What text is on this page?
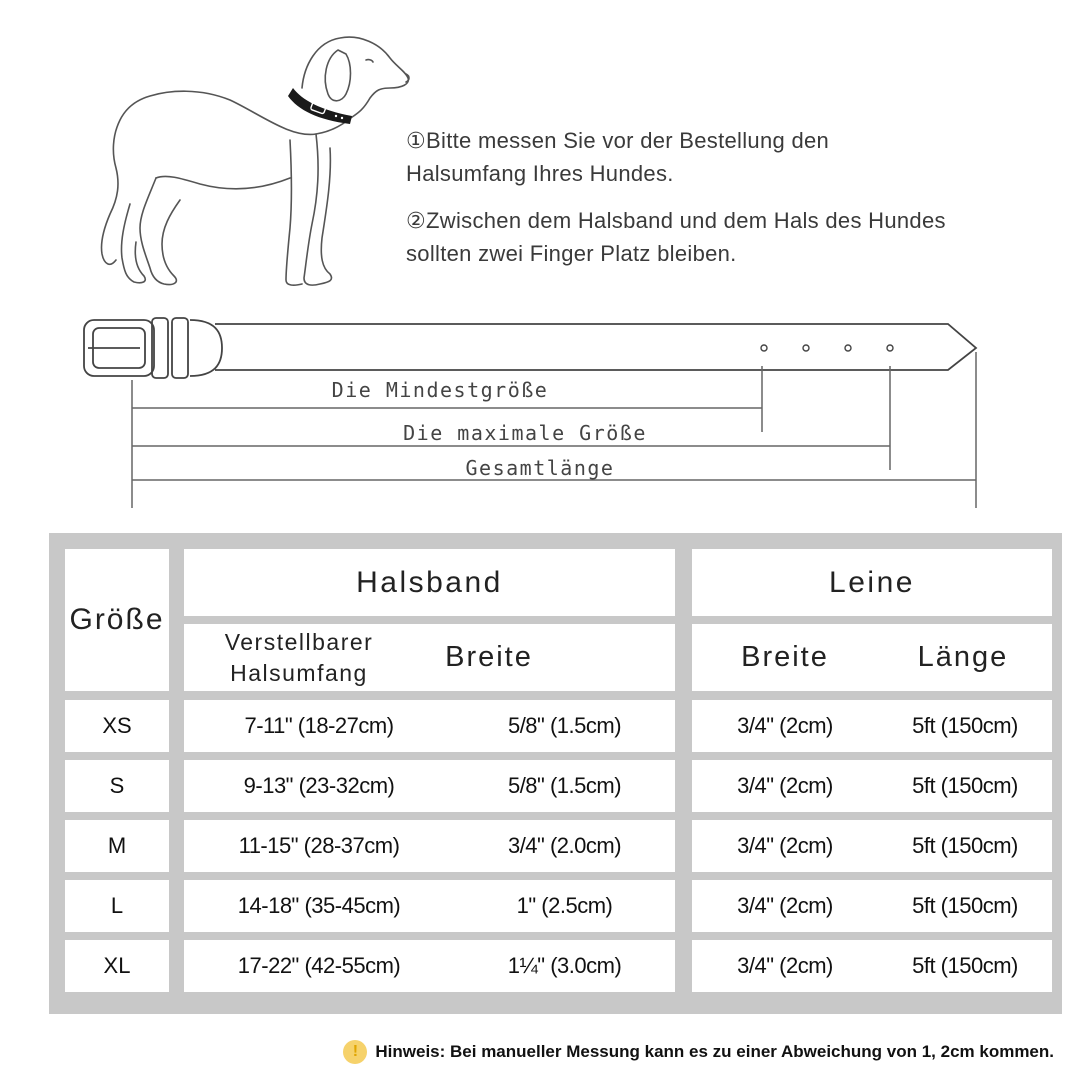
①Bitte messen Sie vor der Bestellung den
Halsumfang Ihres Hundes.
②Zwischen dem Halsband und dem Hals des Hundes
sollten zwei Finger Platz bleiben.
Die Mindestgröße
Die maximale Größe
Gesamtlänge
Größe
Halsband	Leine
Verstellbarer
Halsumfang	Breite	Breite	Länge
XS	7-11" (18-27cm)	5/8" (1.5cm)	3/4" (2cm)	5ft (150cm)
S	9-13" (23-32cm)	5/8" (1.5cm)	3/4" (2cm)	5ft (150cm)
M	11-15" (28-37cm)	3/4" (2.0cm)	3/4" (2cm)	5ft (150cm)
L	14-18" (35-45cm)	1" (2.5cm)	3/4" (2cm)	5ft (150cm)
XL	17-22" (42-55cm)	1¼" (3.0cm)	3/4" (2cm)	5ft (150cm)
!	Hinweis: Bei manueller Messung kann es zu einer Abweichung von 1, 2cm kommen.
